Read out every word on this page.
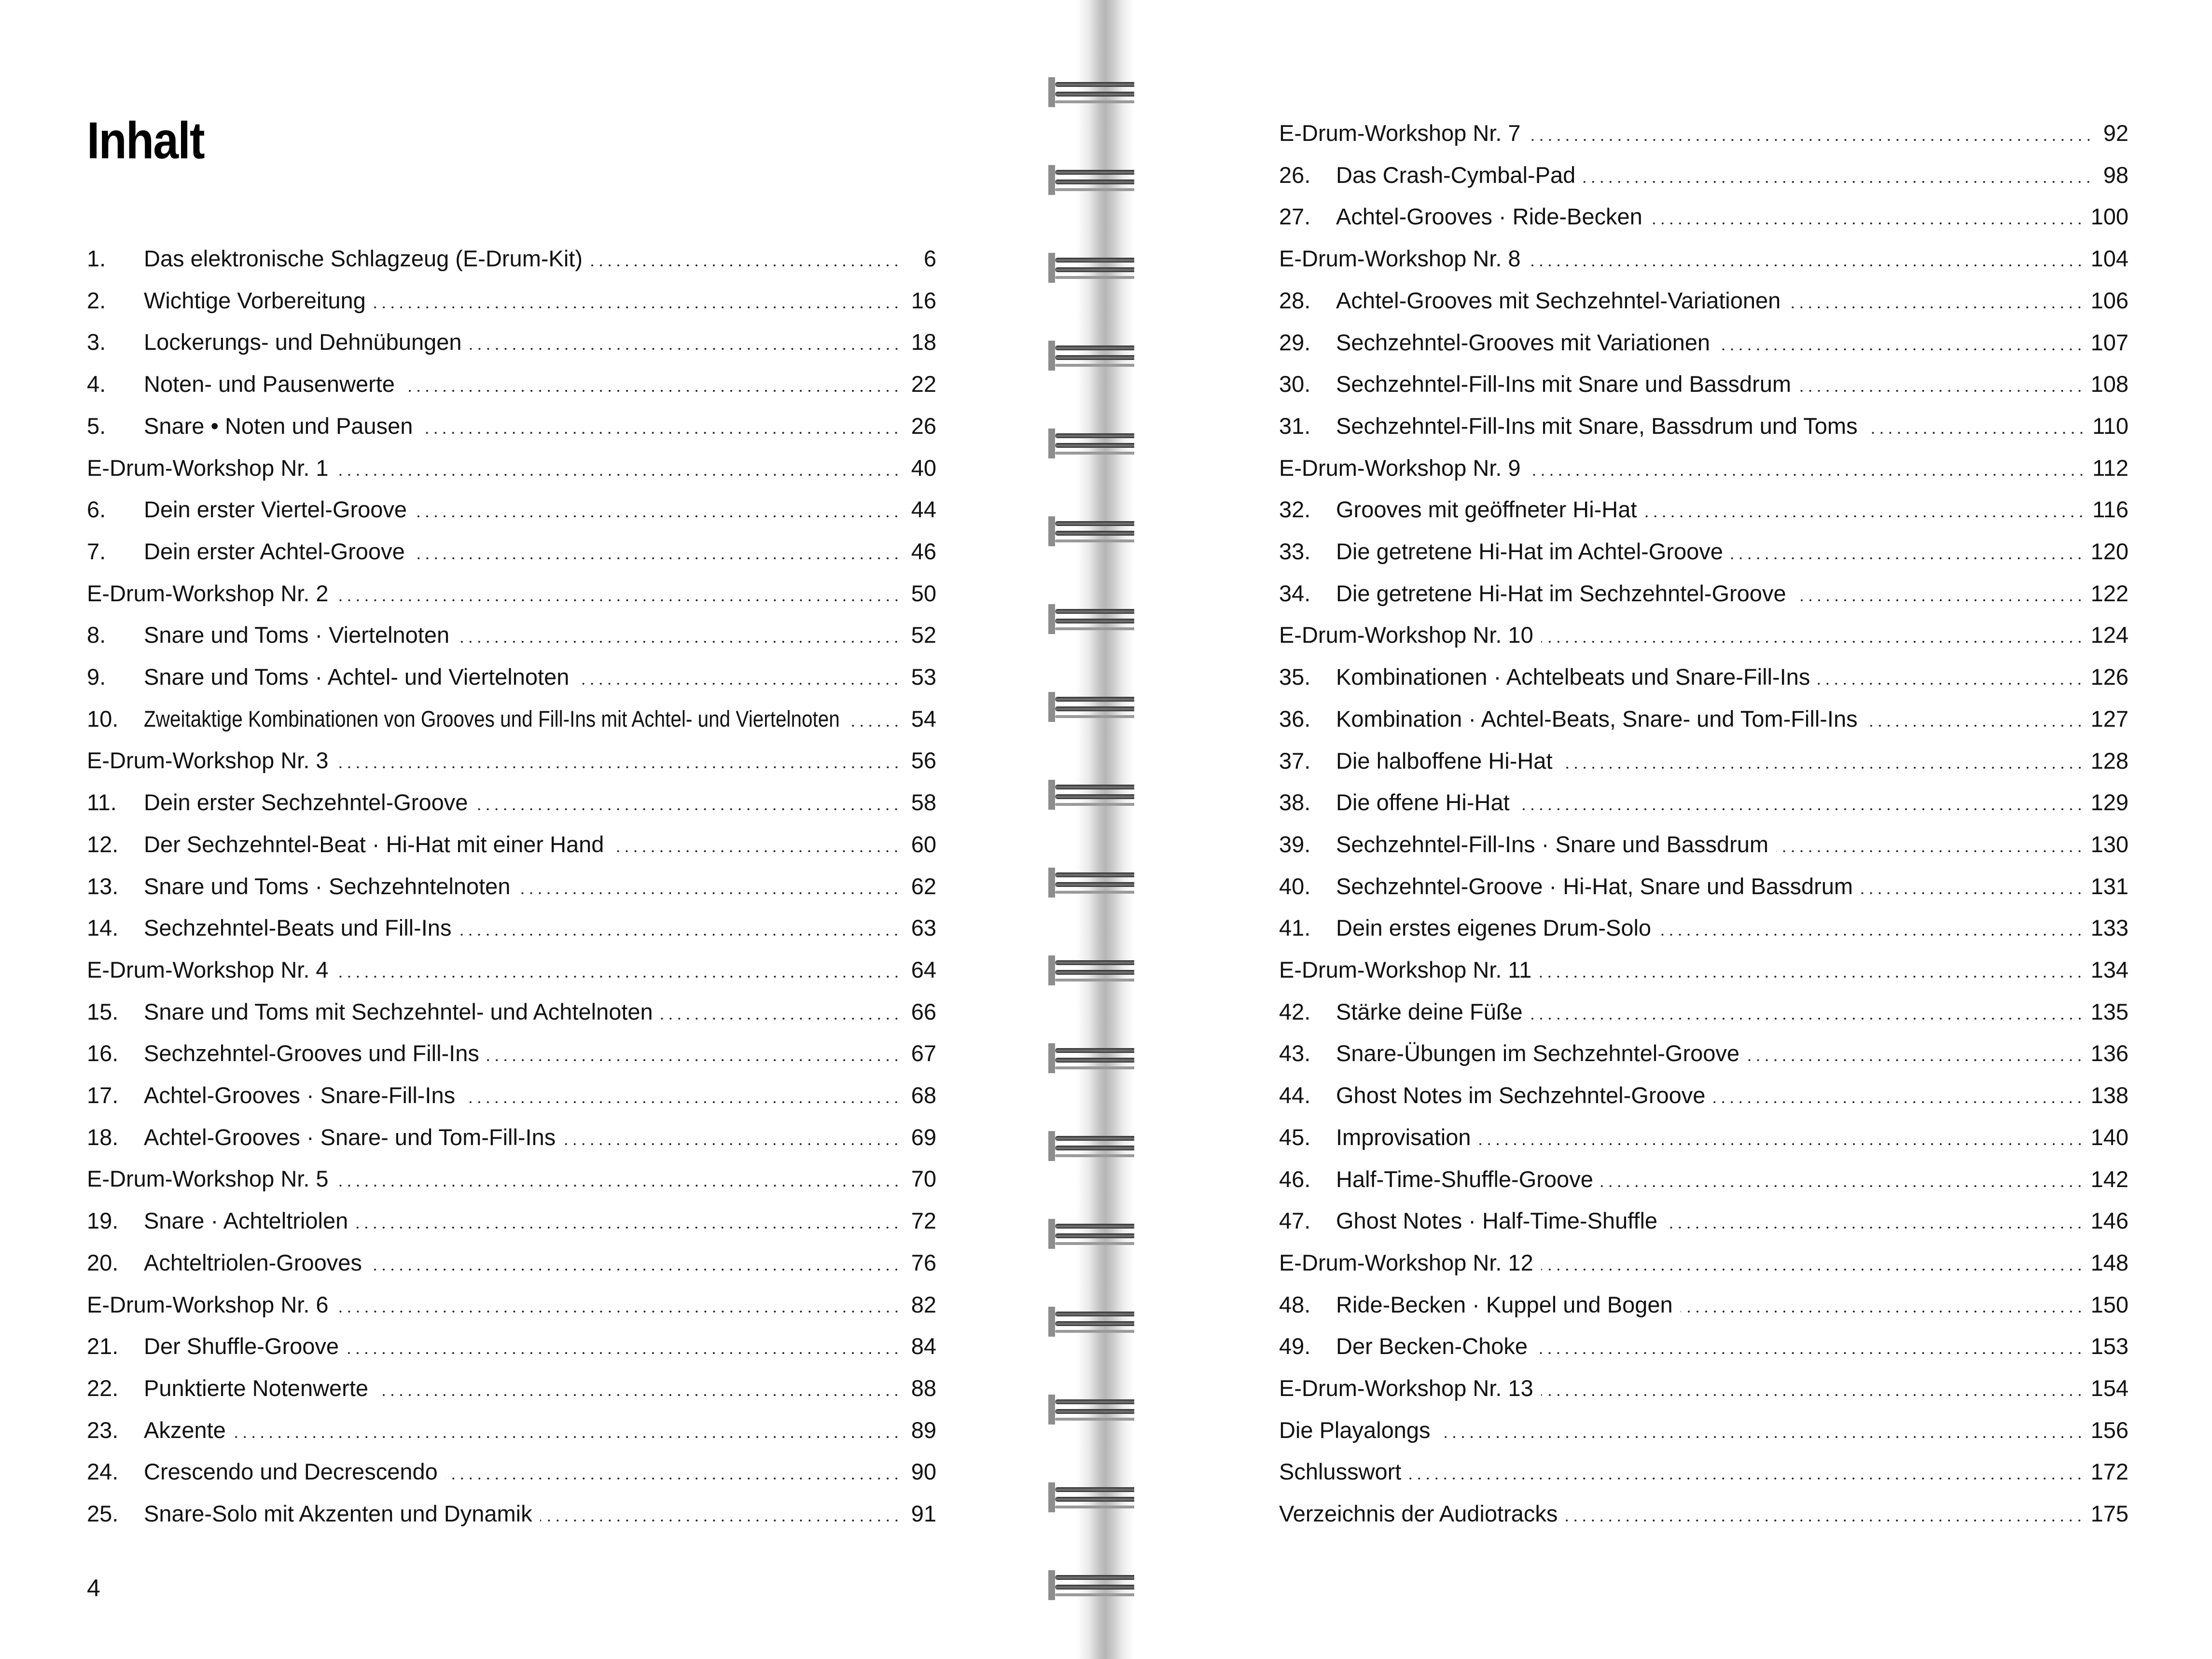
Inhalt
1.	Das elektronische Schlagzeug (E-Drum-Kit)	6
2.	Wichtige Vorbereitung	16
3.	Lockerungs- und Dehnübungen	18
4.	Noten- und Pausenwerte	22
5.	Snare • Noten und Pausen	26
E-Drum-Workshop Nr. 1	40
6.	Dein erster Viertel-Groove	44
7.	Dein erster Achtel-Groove	46
E-Drum-Workshop Nr. 2	50
8.	Snare und Toms · Viertelnoten	52
9.	Snare und Toms · Achtel- und Viertelnoten	53
10.	Zweitaktige Kombinationen von Grooves und Fill-Ins mit Achtel- und Viertelnoten	54
E-Drum-Workshop Nr. 3	56
11.	Dein erster Sechzehntel-Groove	58
12.	Der Sechzehntel-Beat · Hi-Hat mit einer Hand	60
13.	Snare und Toms · Sechzehntelnoten	62
14.	Sechzehntel-Beats und Fill-Ins	63
E-Drum-Workshop Nr. 4	64
15.	Snare und Toms mit Sechzehntel- und Achtelnoten	66
16.	Sechzehntel-Grooves und Fill-Ins	67
17.	Achtel-Grooves · Snare-Fill-Ins	68
18.	Achtel-Grooves · Snare- und Tom-Fill-Ins	69
E-Drum-Workshop Nr. 5	70
19.	Snare · Achteltriolen	72
20.	Achteltriolen-Grooves	76
E-Drum-Workshop Nr. 6	82
21.	Der Shuffle-Groove	84
22.	Punktierte Notenwerte	88
23.	Akzente	89
24.	Crescendo und Decrescendo	90
25.	Snare-Solo mit Akzenten und Dynamik	91
4
E-Drum-Workshop Nr. 7	92
26.	Das Crash-Cymbal-Pad	98
27.	Achtel-Grooves · Ride-Becken	100
E-Drum-Workshop Nr. 8	104
28.	Achtel-Grooves mit Sechzehntel-Variationen	106
29.	Sechzehntel-Grooves mit Variationen	107
30.	Sechzehntel-Fill-Ins mit Snare und Bassdrum	108
31.	Sechzehntel-Fill-Ins mit Snare, Bassdrum und Toms	110
E-Drum-Workshop Nr. 9	112
32.	Grooves mit geöffneter Hi-Hat	116
33.	Die getretene Hi-Hat im Achtel-Groove	120
34.	Die getretene Hi-Hat im Sechzehntel-Groove	122
E-Drum-Workshop Nr. 10	124
35.	Kombinationen · Achtelbeats und Snare-Fill-Ins	126
36.	Kombination · Achtel-Beats, Snare- und Tom-Fill-Ins	127
37.	Die halboffene Hi-Hat	128
38.	Die offene Hi-Hat	129
39.	Sechzehntel-Fill-Ins · Snare und Bassdrum	130
40.	Sechzehntel-Groove · Hi-Hat, Snare und Bassdrum	131
41.	Dein erstes eigenes Drum-Solo	133
E-Drum-Workshop Nr. 11	134
42.	Stärke deine Füße	135
43.	Snare-Übungen im Sechzehntel-Groove	136
44.	Ghost Notes im Sechzehntel-Groove	138
45.	Improvisation	140
46.	Half-Time-Shuffle-Groove	142
47.	Ghost Notes · Half-Time-Shuffle	146
E-Drum-Workshop Nr. 12	148
48.	Ride-Becken · Kuppel und Bogen	150
49.	Der Becken-Choke	153
E-Drum-Workshop Nr. 13	154
Die Playalongs	156
Schlusswort	172
Verzeichnis der Audiotracks	175
